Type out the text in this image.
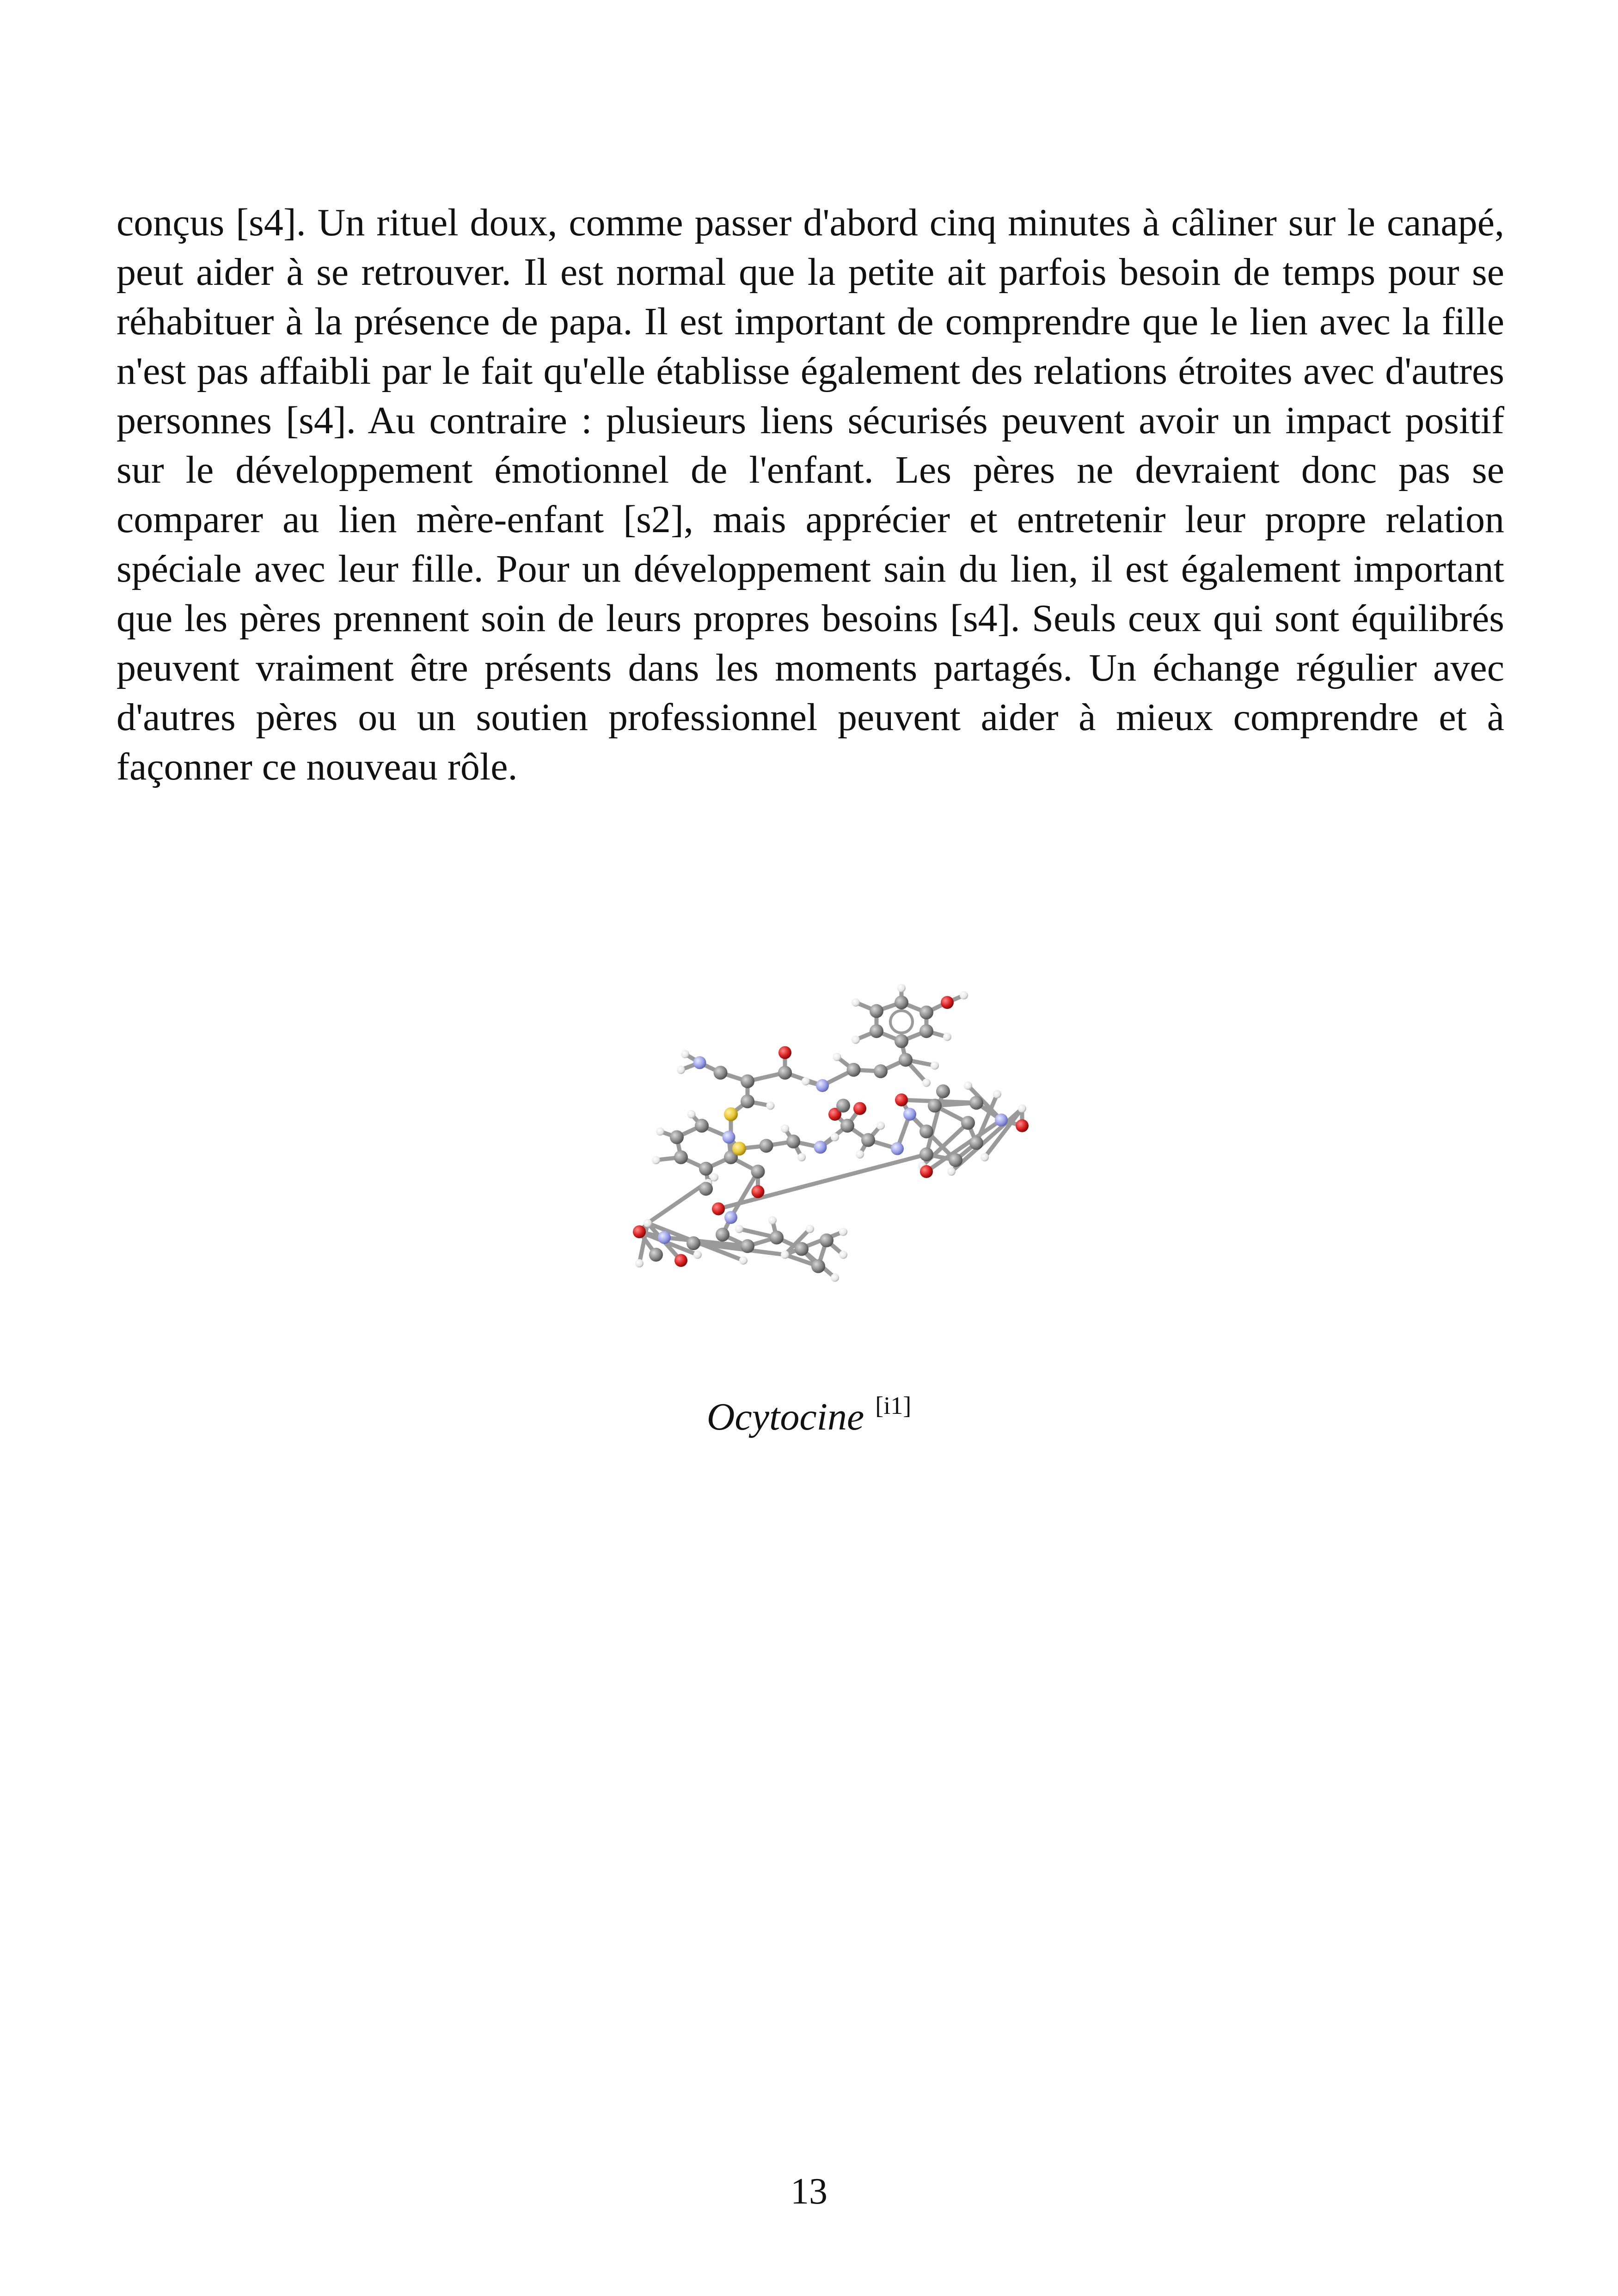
conçus [s4]. Un rituel doux, comme passer d'abord cinq minutes à câliner sur le canapé, peut aider à se retrouver. Il est normal que la petite ait parfois besoin de temps pour se réhabituer à la présence de papa. Il est important de comprendre que le lien avec la fille n'est pas affaibli par le fait qu'elle établisse également des relations étroites avec d'autres personnes [s4]. Au contraire : plusieurs liens sécurisés peuvent avoir un impact positif sur le développement émotionnel de l'enfant. Les pères ne devraient donc pas se comparer au lien mère-enfant [s2], mais apprécier et entretenir leur propre relation spéciale avec leur fille. Pour un développement sain du lien, il est également important que les pères prennent soin de leurs propres besoins [s4]. Seuls ceux qui sont équilibrés peuvent vraiment être présents dans les moments partagés. Un échange régulier avec d'autres pères ou un soutien professionnel peuvent aider à mieux comprendre et à façonner ce nouveau rôle.

Ocytocine [i1]
13
